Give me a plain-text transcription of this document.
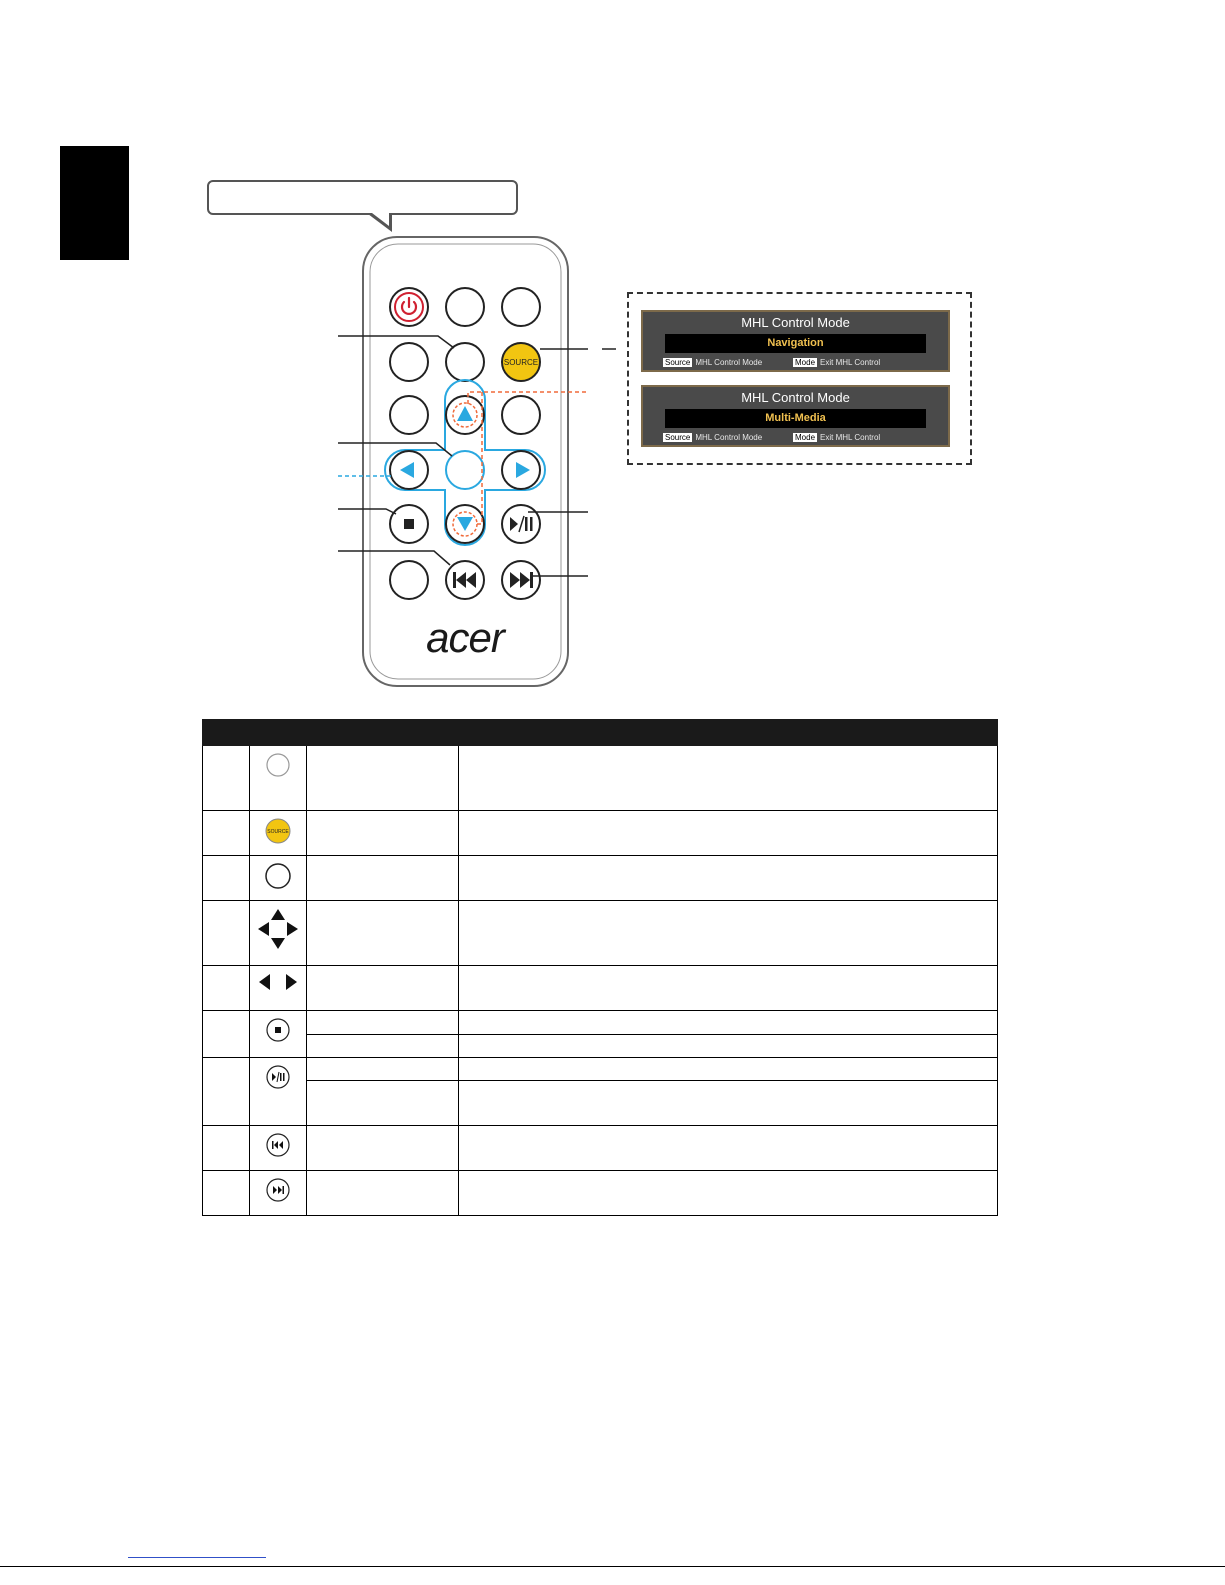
SOURCE
acer
MHL Control Mode
Navigation
Source MHL Control Mode	Mode Exit MHL Control
MHL Control Mode
Multi-Media
Source MHL Control Mode	Mode Exit MHL Control

SOURCE		
